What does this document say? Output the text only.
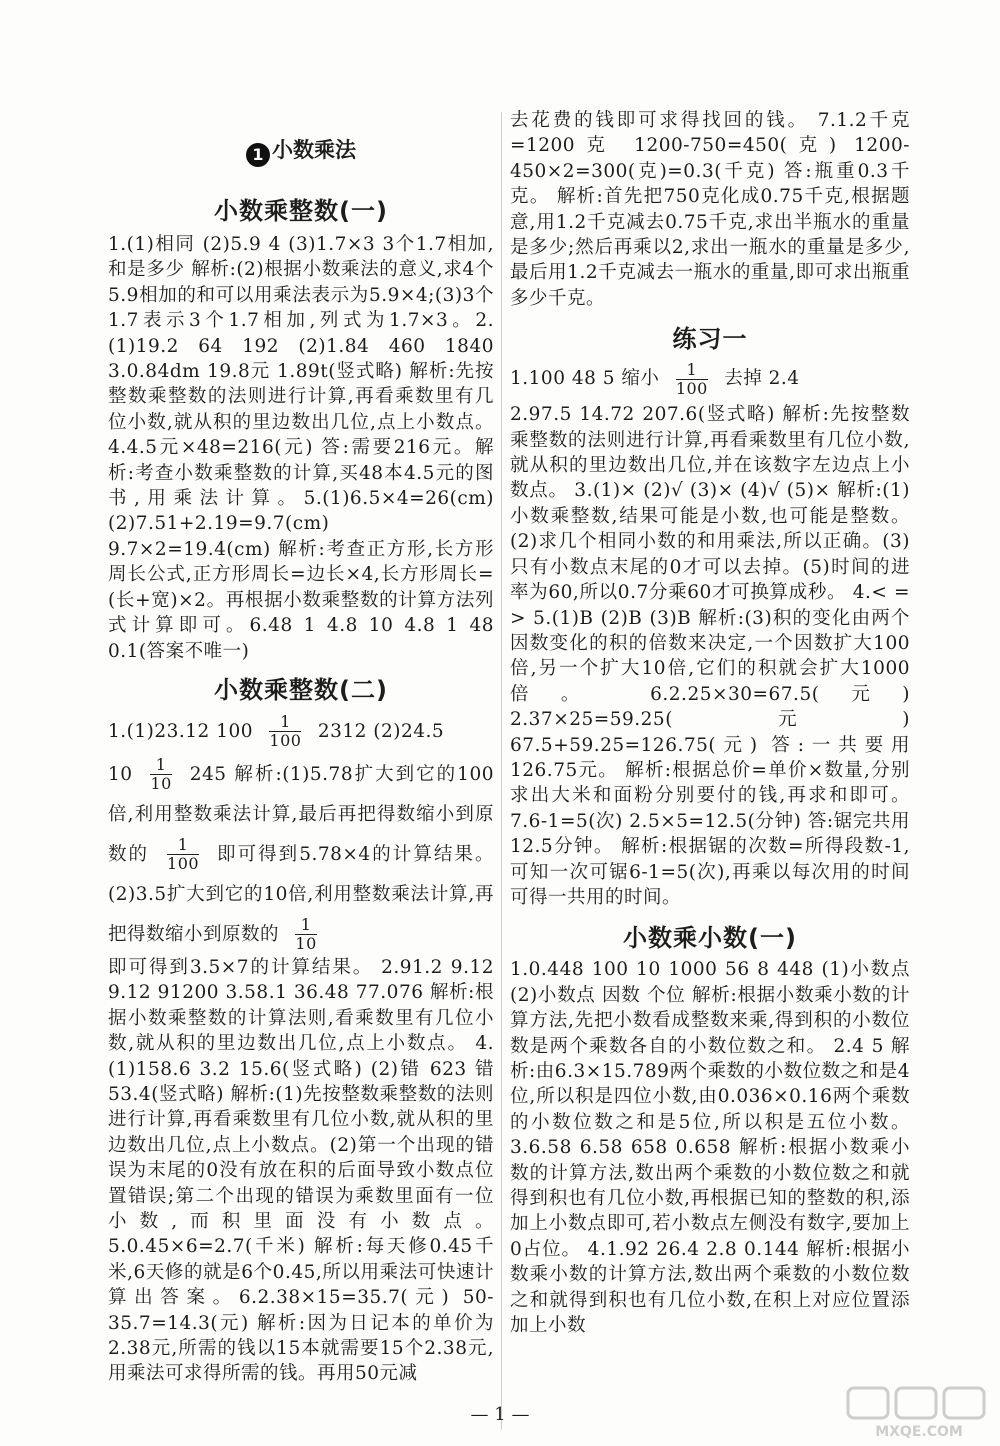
1 小数乘法
小数乘整数(一)
1.(1)相同 (2)5.9 4 (3)1.7×3 3个1.7相加,和是多少 解析:(2)根据小数乘法的意义,求4个5.9相加的和可以用乘法表示为5.9×4;(3)3个1.7表示3个1.7相加,列式为1.7×3。2.(1)19.2 64 192 (2)1.84 460 1840 3.0.84dm 19.8元 1.89t(竖式略) 解析:先按整数乘整数的法则进行计算,再看乘数里有几位小数,就从积的里边数出几位,点上小数点。4.4.5元×48=216(元) 答:需要216元。解析:考查小数乘整数的计算,买48本4.5元的图书,用乘法计算。5.(1)6.5×4=26(cm) (2)7.51+2.19=9.7(cm) 9.7×2=19.4(cm) 解析:考查正方形,长方形周长公式,正方形周长=边长×4,长方形周长=(长+宽)×2。再根据小数乘整数的计算方法列式计算即可。6.48 1 4.8 10 4.8 1 48 0.1(答案不唯一)
小数乘整数(二)
1.(1)23.12 $100 \frac{1}{100} 2312$ (2)24.5
$10 \frac{1}{10} 245$ 解析:(1)5.78扩大到它的100倍,利用整数乘法计算,最后再把得数缩小到原数的 $\frac{1}{100}$ 即可得到5.78×4的计算结果。(2)3.5扩大到它的10倍,利用整数乘法计算,再把得数缩小到原数的 $\frac{1}{10}$
即可得到3.5×7的计算结果。 2.91.2 9.12 9.12 91200 3.58.1 36.48 77.076 解析:根据小数乘整数的计算法则,看乘数里有几位小数,就从积的里边数出几位,点上小数点。 4.(1)158.6 3.2 15.6(竖式略) (2)错 623 错 53.4(竖式略) 解析:(1)先按整数乘整数的法则进行计算,再看乘数里有几位小数,就从积的里边数出几位,点上小数点。(2)第一个出现的错误为末尾的0没有放在积的后面导致小数点位置错误;第二个出现的错误为乘数里面有一位小数,而积里面没有小数点。 5.0.45×6=2.7(千米) 解析:每天修0.45千米,6天修的就是6个0.45,所以用乘法可快速计算出答案。6.2.38×15=35.7(元) 50-35.7=14.3(元) 解析:因为日记本的单价为2.38元,所需的钱以15本就需要15个2.38元,用乘法可求得所需的钱。再用50元减
去花费的钱即可求得找回的钱。 7.1.2千克=1200克 1200-750=450(克) 1200-450×2=300(克)=0.3(千克) 答:瓶重0.3千克。 解析:首先把750克化成0.75千克,根据题意,用1.2千克减去0.75千克,求出半瓶水的重量是多少;然后再乘以2,求出一瓶水的重量是多少,最后用1.2千克减去一瓶水的重量,即可求出瓶重多少千克。
练习一
1.100 48 5 缩小 $\frac{1}{100}$ 去掉 2.4
2.97.5 14.72 207.6(竖式略) 解析:先按整数乘整数的法则进行计算,再看乘数里有几位小数,就从积的里边数出几位,并在该数字左边点上小数点。 3.(1)× (2)√ (3)× (4)√ (5)× 解析:(1)小数乘整数,结果可能是小数,也可能是整数。(2)求几个相同小数的和用乘法,所以正确。(3)只有小数点末尾的0才可以去掉。(5)时间的进率为60,所以0.7分乘60才可换算成秒。 4.< = > 5.(1)B (2)B (3)B 解析:(3)积的变化由两个因数变化的积的倍数来决定,一个因数扩大100倍,另一个扩大10倍,它们的积就会扩大1000倍。 6.2.25×30=67.5(元) 2.37×25=59.25(元) 67.5+59.25=126.75(元) 答:一共要用126.75元。 解析:根据总价=单价×数量,分别求出大米和面粉分别要付的钱,再求和即可。 7.6-1=5(次) 2.5×5=12.5(分钟) 答:锯完共用12.5分钟。 解析:根据锯的次数=所得段数-1,可知一次可锯6-1=5(次),再乘以每次用的时间可得一共用的时间。
小数乘小数(一)
1.0.448 100 10 1000 56 8 448 (1)小数点 (2)小数点 因数 个位 解析:根据小数乘小数的计算方法,先把小数看成整数来乘,得到积的小数位数是两个乘数各自的小数位数之和。 2.4 5 解析:由6.3×15.789两个乘数的小数位数之和是4位,所以积是四位小数,由0.036×0.16两个乘数的小数位数之和是5位,所以积是五位小数。3.6.58 6.58 658 0.658 解析:根据小数乘小数的计算方法,数出两个乘数的小数位数之和就得到积也有几位小数,再根据已知的整数的积,添加上小数点即可,若小数点左侧没有数字,要加上0占位。 4.1.92 26.4 2.8 0.144 解析:根据小数乘小数的计算方法,数出两个乘数的小数位数之和就得到积也有几位小数,在积上对应位置添加上小数
— 1 —
MXQE.COM
